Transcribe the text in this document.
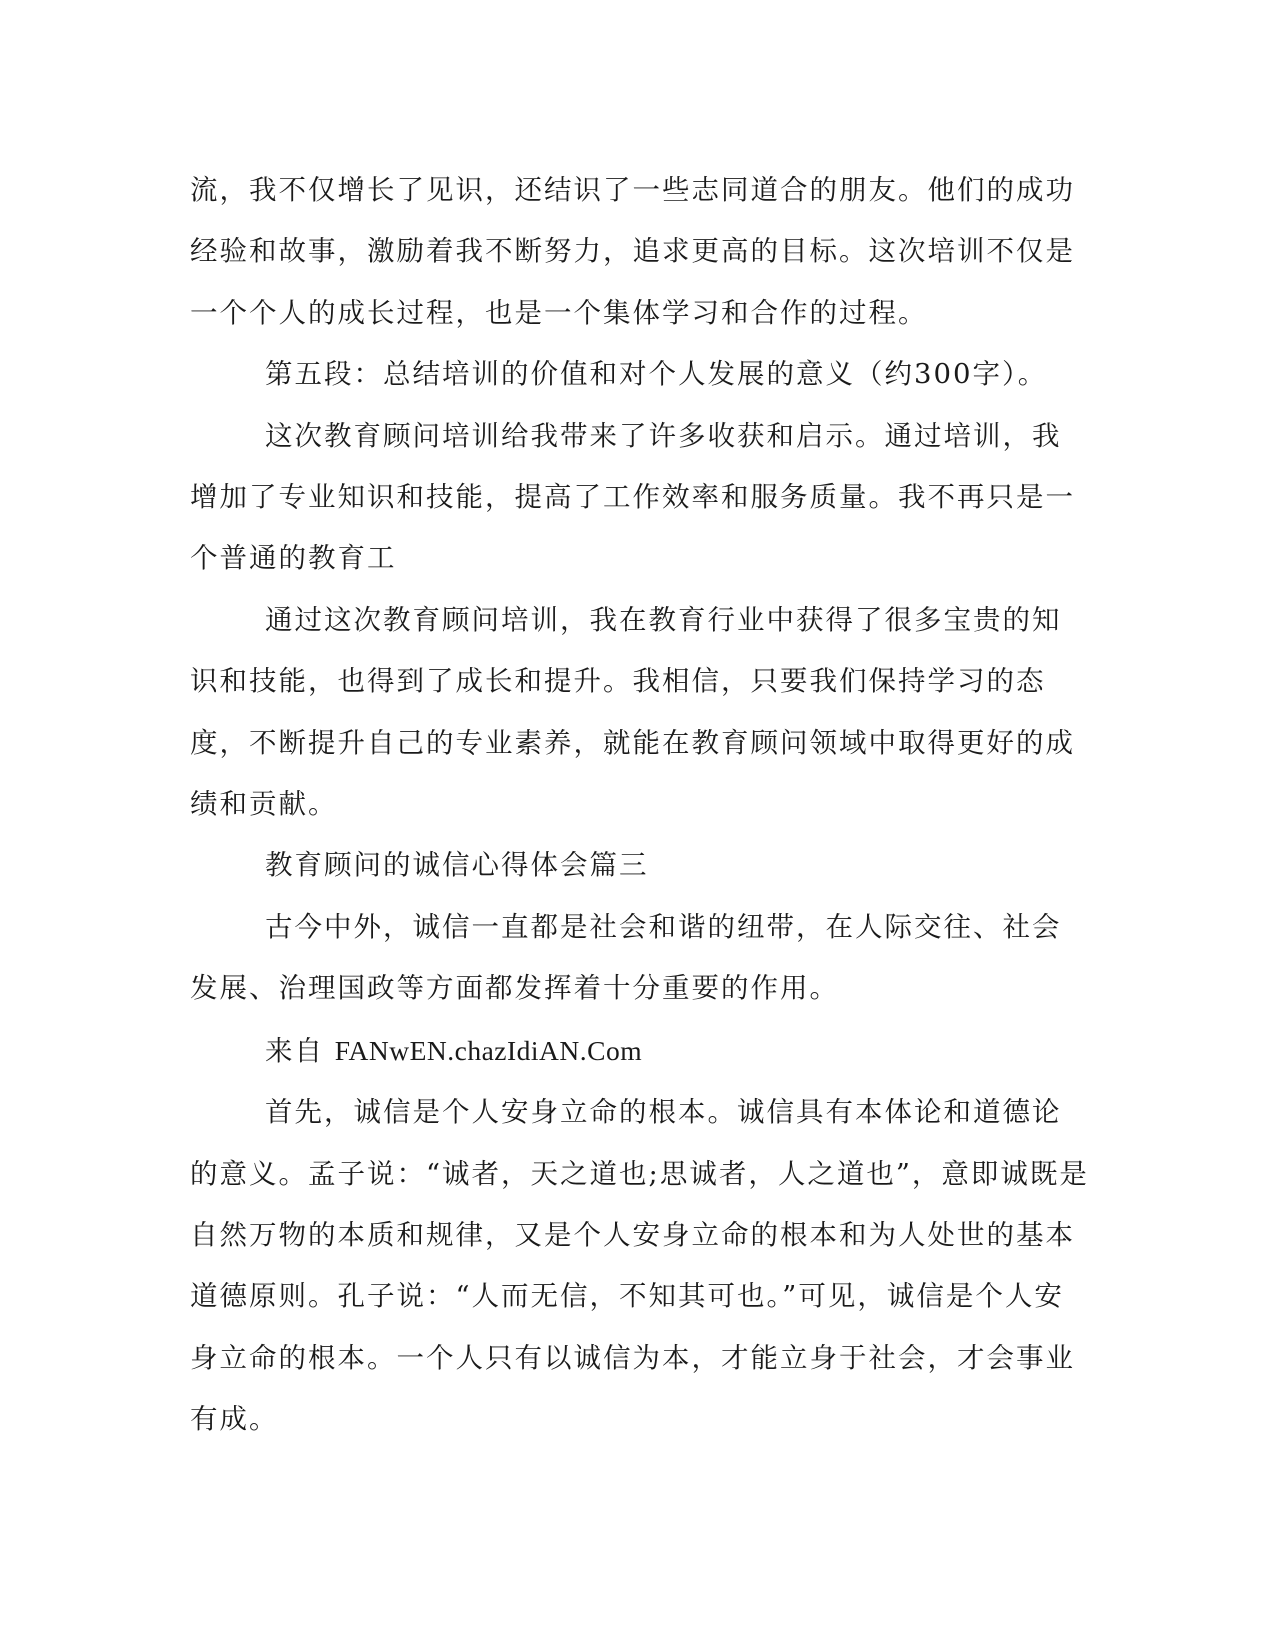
流，我不仅增长了见识，还结识了一些志同道合的朋友。他们的成功经验和故事，激励着我不断努力，追求更高的目标。这次培训不仅是一个个人的成长过程，也是一个集体学习和合作的过程。

第五段：总结培训的价值和对个人发展的意义（约300字）。

这次教育顾问培训给我带来了许多收获和启示。通过培训，我增加了专业知识和技能，提高了工作效率和服务质量。我不再只是一个普通的教育工

通过这次教育顾问培训，我在教育行业中获得了很多宝贵的知识和技能，也得到了成长和提升。我相信，只要我们保持学习的态度，不断提升自己的专业素养，就能在教育顾问领域中取得更好的成绩和贡献。

教育顾问的诚信心得体会篇三

古今中外，诚信一直都是社会和谐的纽带，在人际交往、社会发展、治理国政等方面都发挥着十分重要的作用。

来自 FANwEN.chazIdiAN.Com

首先，诚信是个人安身立命的根本。诚信具有本体论和道德论的意义。孟子说：“诚者，天之道也;思诚者，人之道也”，意即诚既是自然万物的本质和规律，又是个人安身立命的根本和为人处世的基本道德原则。孔子说：“人而无信，不知其可也。”可见，诚信是个人安身立命的根本。一个人只有以诚信为本，才能立身于社会，才会事业有成。
